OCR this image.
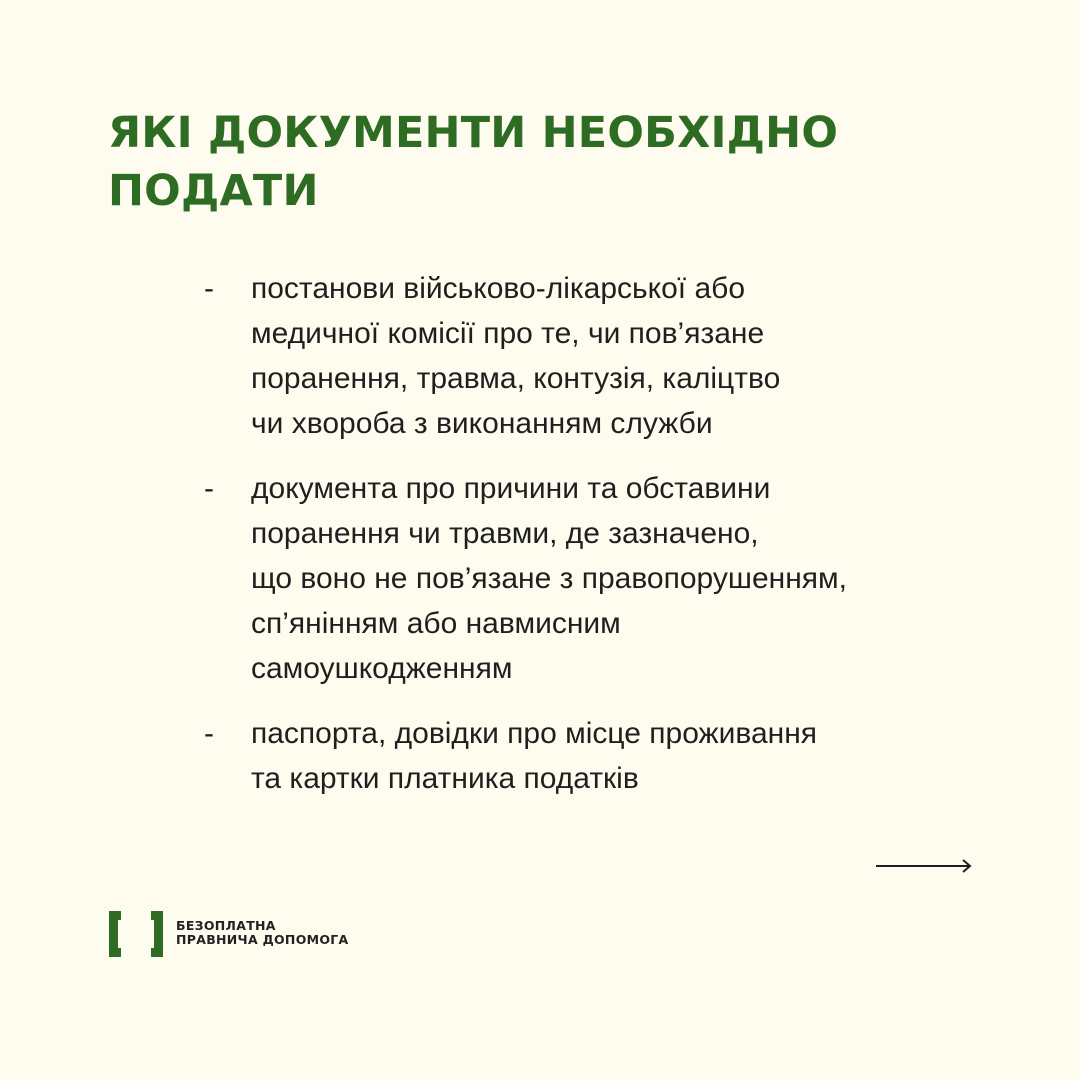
ЯКІ ДОКУМЕНТИ НЕОБХІДНО
ПОДАТИ
- постанови військово-лікарської або
медичної комісії про те, чи пов’язане
поранення, травма, контузія, каліцтво
чи хвороба з виконанням служби
- документа про причини та обставини
поранення чи травми, де зазначено,
що воно не пов’язане з правопорушенням,
сп’янінням або навмисним
самоушкодженням
- паспорта, довідки про місце проживання
та картки платника податків
БЕЗОПЛАТНА
ПРАВНИЧА ДОПОМОГА
